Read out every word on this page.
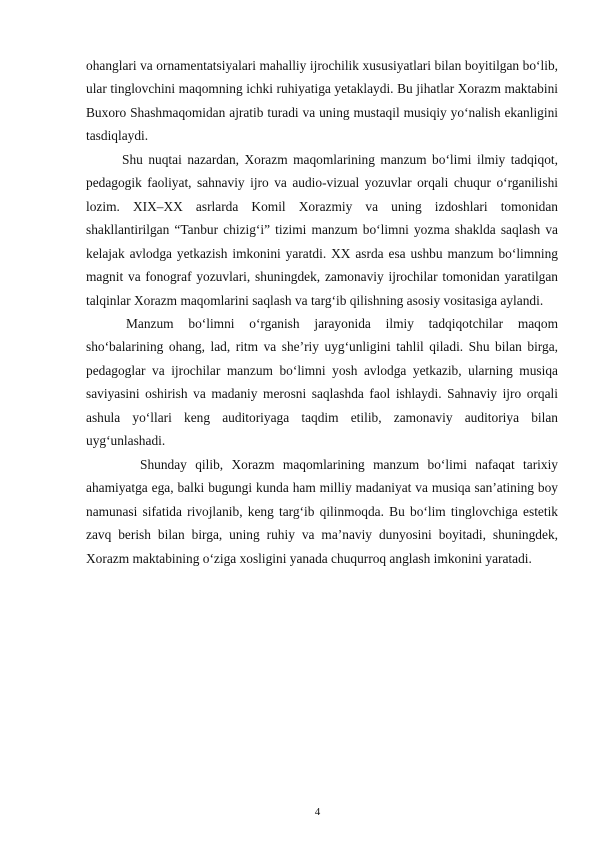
ohanglari va ornamentatsiyalari mahalliy ijrochilik xususiyatlari bilan boyitilgan bo‘lib, ular tinglovchini maqomning ichki ruhiyatiga yetaklaydi. Bu jihatlar Xorazm maktabini Buxoro Shashmaqomidan ajratib turadi va uning mustaqil musiqiy yo‘nalish ekanligini tasdiqlaydi.

Shu nuqtai nazardan, Xorazm maqomlarining manzum bo‘limi ilmiy tadqiqot, pedagogik faoliyat, sahnaviy ijro va audio-vizual yozuvlar orqali chuqur o‘rganilishi lozim. XIX–XX asrlarda Komil Xorazmiy va uning izdoshlari tomonidan shakllantirilgan “Tanbur chizig‘i” tizimi manzum bo‘limni yozma shaklda saqlash va kelajak avlodga yetkazish imkonini yaratdi. XX asrda esa ushbu manzum bo‘limning magnit va fonograf yozuvlari, shuningdek, zamonaviy ijrochilar tomonidan yaratilgan talqinlar Xorazm maqomlarini saqlash va targ‘ib qilishning asosiy vositasiga aylandi.

Manzum bo‘limni o‘rganish jarayonida ilmiy tadqiqotchilar maqom sho‘balarining ohang, lad, ritm va she’riy uyg‘unligini tahlil qiladi. Shu bilan birga, pedagoglar va ijrochilar manzum bo‘limni yosh avlodga yetkazib, ularning musiqa saviyasini oshirish va madaniy merosni saqlashda faol ishlaydi. Sahnaviy ijro orqali ashula yo‘llari keng auditoriyaga taqdim etilib, zamonaviy auditoriya bilan uyg‘unlashadi.

Shunday qilib, Xorazm maqomlarining manzum bo‘limi nafaqat tarixiy ahamiyatga ega, balki bugungi kunda ham milliy madaniyat va musiqa san’atining boy namunasi sifatida rivojlanib, keng targ‘ib qilinmoqda. Bu bo‘lim tinglovchiga estetik zavq berish bilan birga, uning ruhiy va ma’naviy dunyosini boyitadi, shuningdek, Xorazm maktabining o‘ziga xosligini yanada chuqurroq anglash imkonini yaratadi.

4
